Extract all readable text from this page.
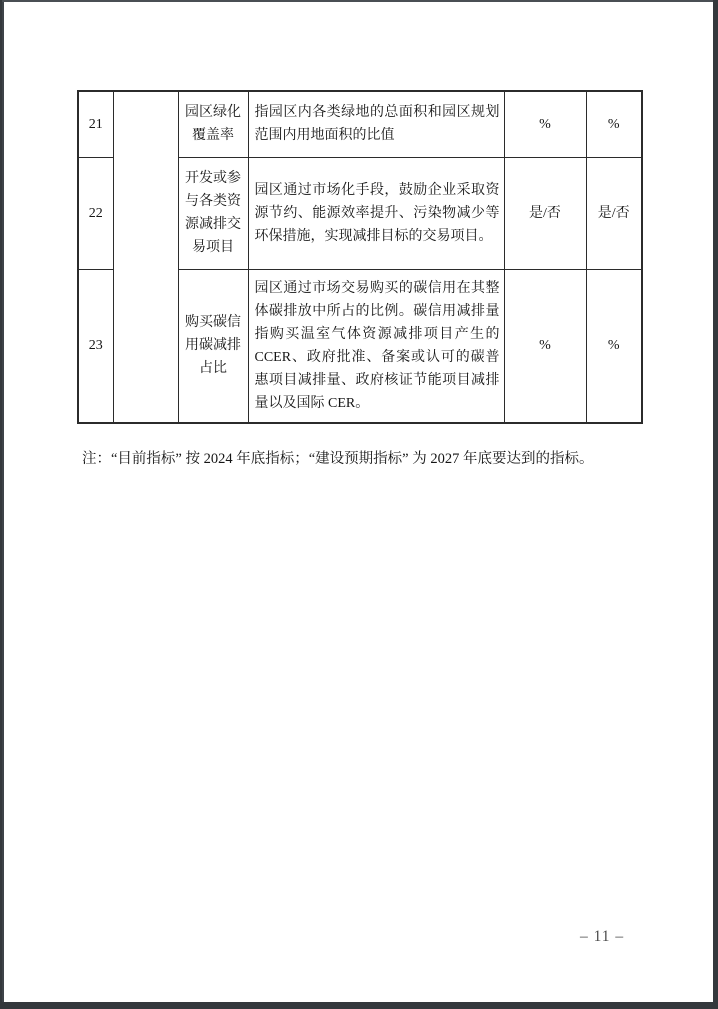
21		园区绿化覆盖率	指园区内各类绿地的总面积和园区规划范围内用地面积的比值	%	%
22		开发或参与各类资源减排交易项目	园区通过市场化手段，鼓励企业采取资源节约、能源效率提升、污染物减少等环保措施，实现减排目标的交易项目。	是/否	是/否
23		购买碳信用碳减排占比	园区通过市场交易购买的碳信用在其整体碳排放中所占的比例。碳信用减排量指购买温室气体资源减排项目产生的CCER、政府批准、备案或认可的碳普惠项目减排量、政府核证节能项目减排量以及国际 CER。	%	%
注：“目前指标” 按 2024 年底指标；“建设预期指标” 为 2027 年底要达到的指标。
– 11 –
